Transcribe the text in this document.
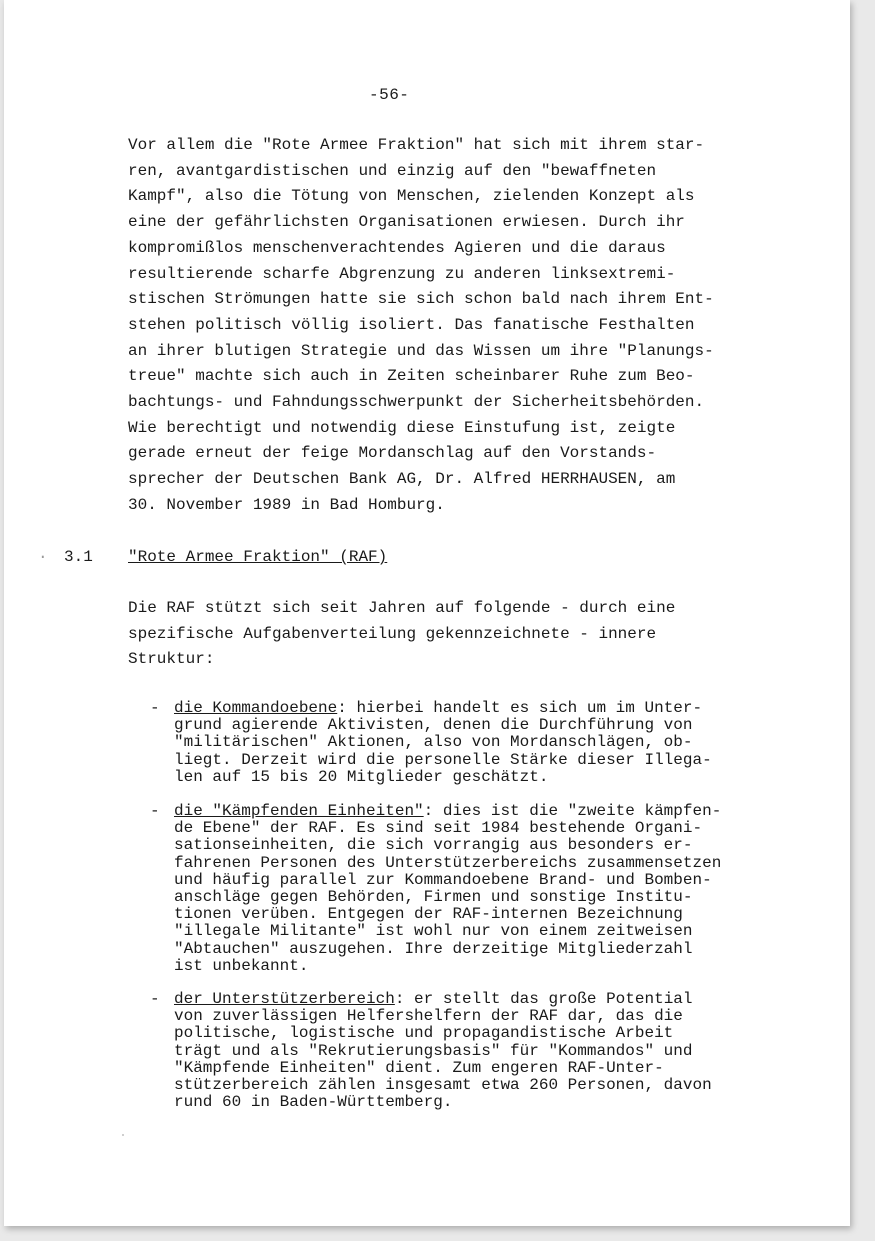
-56-

Vor allem die "Rote Armee Fraktion" hat sich mit ihrem star-
ren, avantgardistischen und einzig auf den "bewaffneten
Kampf", also die Tötung von Menschen, zielenden Konzept als
eine der gefährlichsten Organisationen erwiesen. Durch ihr
kompromißlos menschenverachtendes Agieren und die daraus
resultierende scharfe Abgrenzung zu anderen linksextremi-
stischen Strömungen hatte sie sich schon bald nach ihrem Ent-
stehen politisch völlig isoliert. Das fanatische Festhalten
an ihrer blutigen Strategie und das Wissen um ihre "Planungs-
treue" machte sich auch in Zeiten scheinbarer Ruhe zum Beo-
bachtungs- und Fahndungsschwerpunkt der Sicherheitsbehörden.
Wie berechtigt und notwendig diese Einstufung ist, zeigte
gerade erneut der feige Mordanschlag auf den Vorstands-
sprecher der Deutschen Bank AG, Dr. Alfred HERRHAUSEN, am
30. November 1989 in Bad Homburg.

· 3.1 "Rote Armee Fraktion" (RAF)

Die RAF stützt sich seit Jahren auf folgende - durch eine
spezifische Aufgabenverteilung gekennzeichnete - innere
Struktur:

- die Kommandoebene: hierbei handelt es sich um im Unter-
grund agierende Aktivisten, denen die Durchführung von
"militärischen" Aktionen, also von Mordanschlägen, ob-
liegt. Derzeit wird die personelle Stärke dieser Illega-
len auf 15 bis 20 Mitglieder geschätzt.
- die "Kämpfenden Einheiten": dies ist die "zweite kämpfen-
de Ebene" der RAF. Es sind seit 1984 bestehende Organi-
sationseinheiten, die sich vorrangig aus besonders er-
fahrenen Personen des Unterstützerbereichs zusammensetzen
und häufig parallel zur Kommandoebene Brand- und Bomben-
anschläge gegen Behörden, Firmen und sonstige Institu-
tionen verüben. Entgegen der RAF-internen Bezeichnung
"illegale Militante" ist wohl nur von einem zeitweisen
"Abtauchen" auszugehen. Ihre derzeitige Mitgliederzahl
ist unbekannt.
- der Unterstützerbereich: er stellt das große Potential
von zuverlässigen Helfershelfern der RAF dar, das die
politische, logistische und propagandistische Arbeit
trägt und als "Rekrutierungsbasis" für "Kommandos" und
"Kämpfende Einheiten" dient. Zum engeren RAF-Unter-
stützerbereich zählen insgesamt etwa 260 Personen, davon
rund 60 in Baden-Württemberg.
